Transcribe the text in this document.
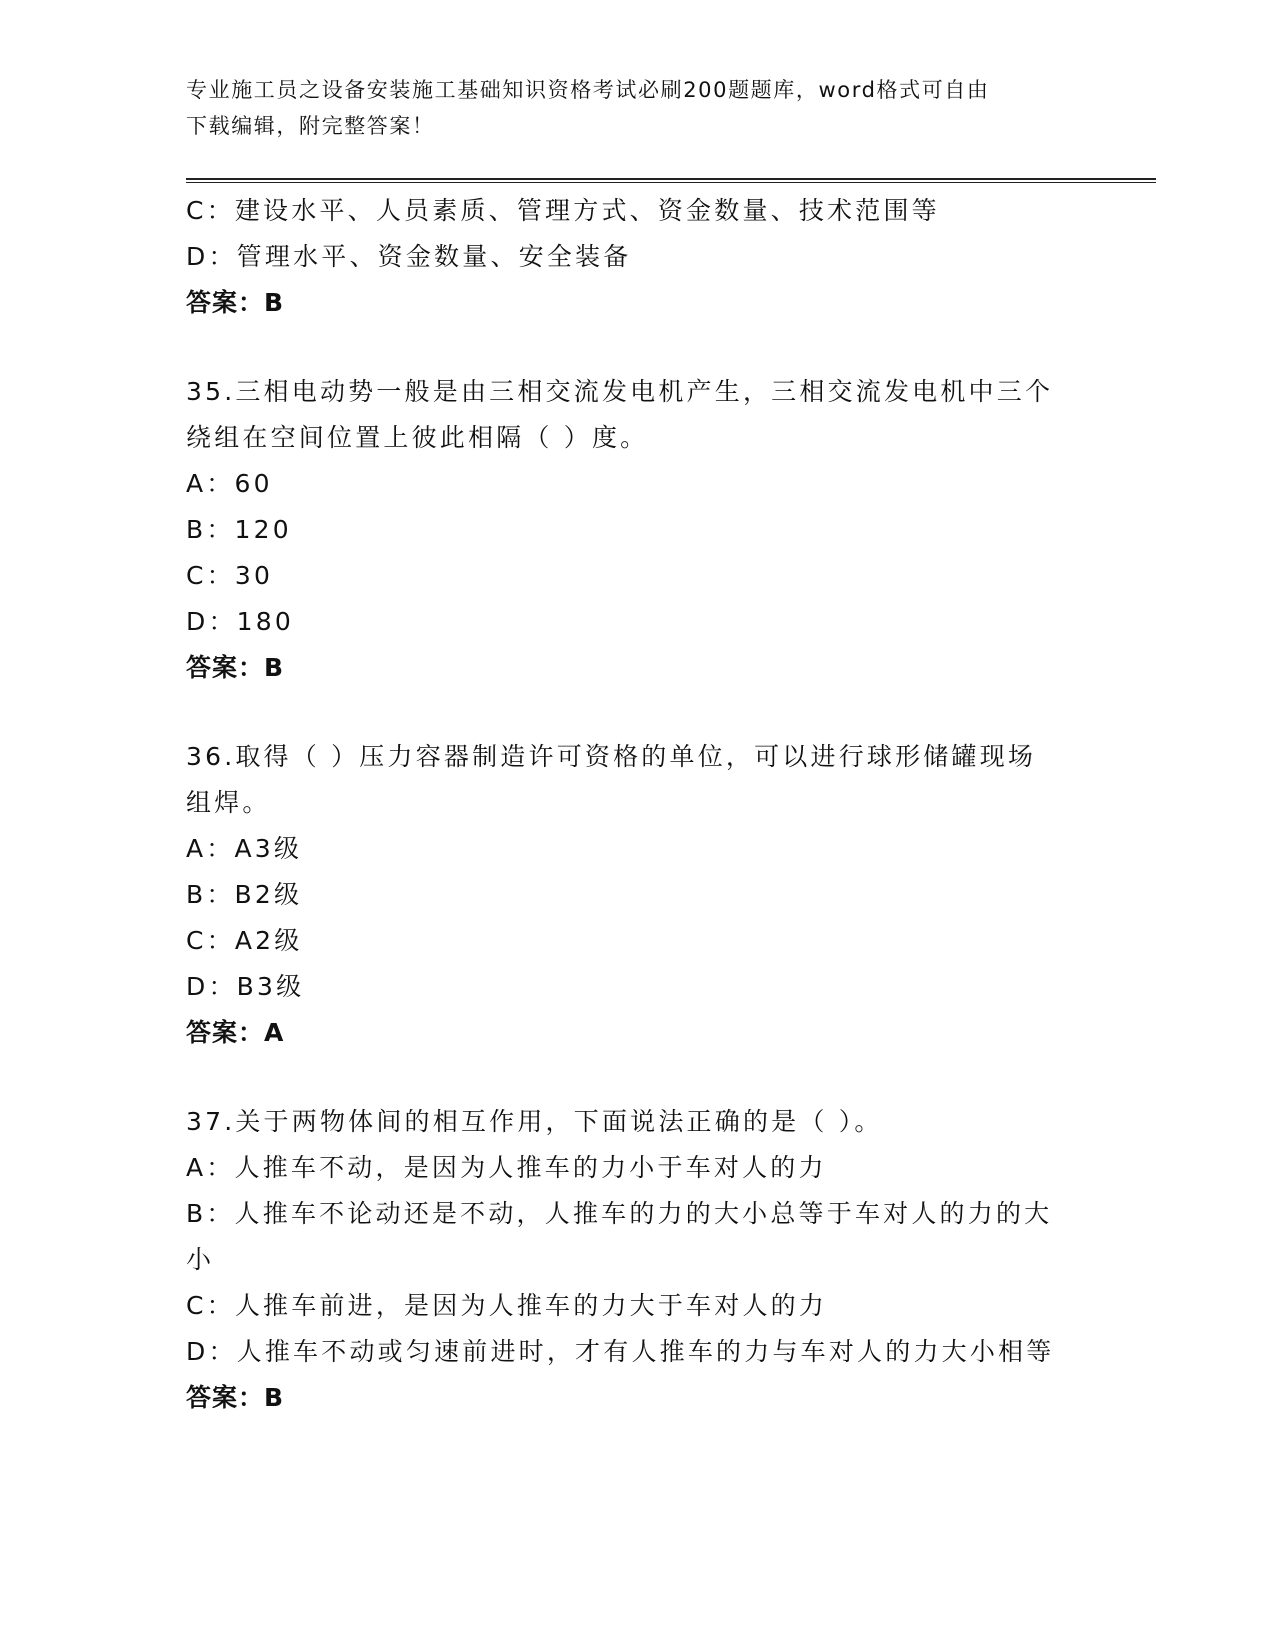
专业施工员之设备安装施工基础知识资格考试必刷200题题库，word格式可自由
下载编辑，附完整答案！
C：建设水平、人员素质、管理方式、资金数量、技术范围等
D：管理水平、资金数量、安全装备
答案：B
35.三相电动势一般是由三相交流发电机产生，三相交流发电机中三个
绕组在空间位置上彼此相隔（ ）度。
A：60
B：120
C：30
D：180
答案：B
36.取得（ ）压力容器制造许可资格的单位，可以进行球形储罐现场
组焊。
A：A3级
B：B2级
C：A2级
D：B3级
答案：A
37.关于两物体间的相互作用，下面说法正确的是（ ）。
A：人推车不动，是因为人推车的力小于车对人的力
B：人推车不论动还是不动，人推车的力的大小总等于车对人的力的大
小
C：人推车前进，是因为人推车的力大于车对人的力
D：人推车不动或匀速前进时，才有人推车的力与车对人的力大小相等
答案：B
